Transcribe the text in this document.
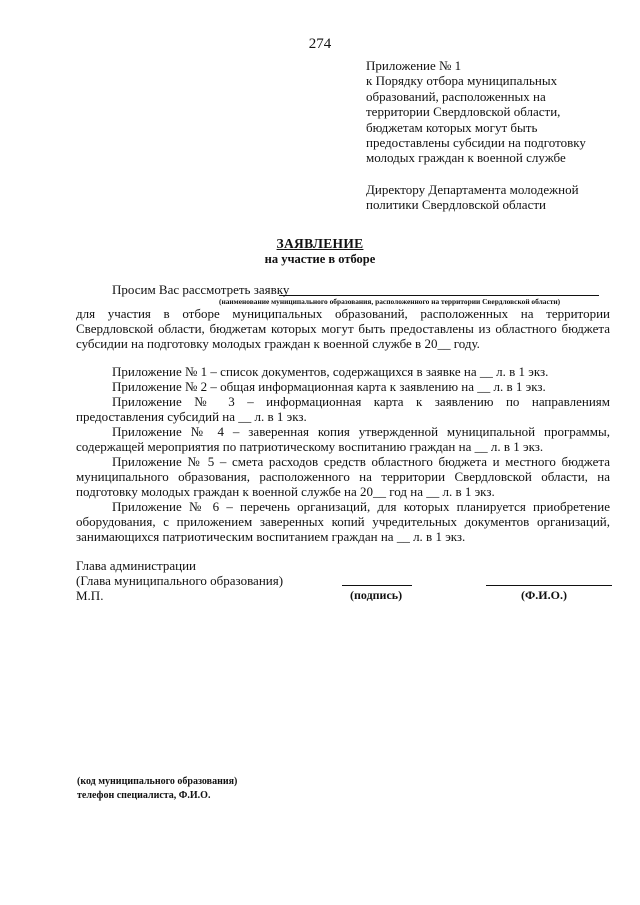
274
Приложение № 1
к Порядку отбора муниципальных
образований, расположенных на
территории Свердловской области,
бюджетам которых могут быть
предоставлены субсидии на подготовку
молодых граждан к военной службе
Директору Департамента молодежной
политики Свердловской области
ЗАЯВЛЕНИЕ
на участие в отборе
Просим Вас рассмотреть заявку
(наименование муниципального образования, расположенного на территории Свердловской области)
для участия в отборе муниципальных образований, расположенных на территории
Свердловской области, бюджетам которых могут быть предоставлены из областного бюджета
субсидии на подготовку молодых граждан к военной службе в 20__ году.
Приложение № 1 – список документов, содержащихся в заявке на __ л. в 1 экз.
Приложение № 2 – общая информационная карта к заявлению на __ л. в 1 экз.
Приложение № 3 – информационная карта к заявлению по направлениям
предоставления субсидий на __ л. в 1 экз.
Приложение № 4 – заверенная копия утвержденной муниципальной программы,
содержащей мероприятия по патриотическому воспитанию граждан на __ л. в 1 экз.
Приложение № 5 – смета расходов средств областного бюджета и местного бюджета
муниципального образования, расположенного на территории Свердловской области, на
подготовку молодых граждан к военной службе на 20__ год на __ л. в 1 экз.
Приложение № 6 – перечень организаций, для которых планируется приобретение
оборудования, с приложением заверенных копий учредительных документов организаций,
занимающихся патриотическим воспитанием граждан на __ л. в 1 экз.
Глава администрации
(Глава муниципального образования)
М.П.	(подпись)	(Ф.И.О.)
(код муниципального образования)
телефон специалиста, Ф.И.О.
